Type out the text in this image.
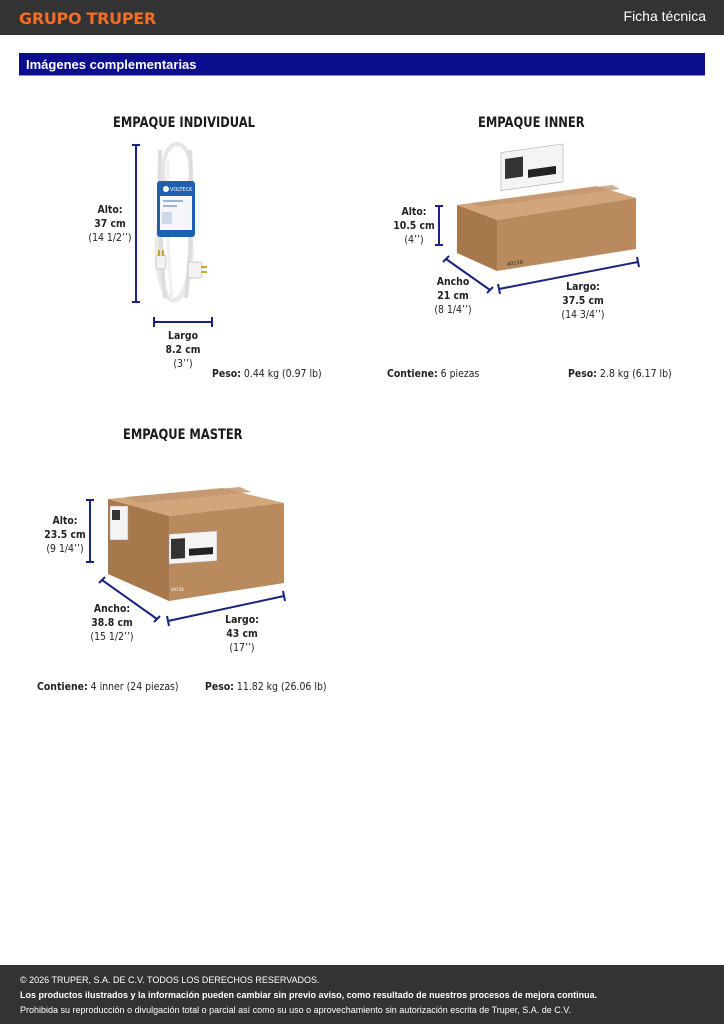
GRUPO TRUPER	Ficha técnica
Imágenes complementarias
EMPAQUE INDIVIDUAL	EMPAQUE INNER
EMPAQUE MASTER
VOLTECK
8m
40158
40158
Alto:
37 cm
(14 1/2’’)
Largo
8.2 cm
(3’’)
Peso: 0.44 kg (0.97 lb)
Alto:
10.5 cm
(4’’)
Ancho
21 cm
(8 1/4’’)
Largo:
37.5 cm
(14 3/4’’)
Contiene: 6 piezas	Peso: 2.8 kg (6.17 lb)
Alto:
23.5 cm
(9 1/4’’)
Ancho:
38.8 cm
(15 1/2’’)
Largo:
43 cm
(17’’)
Contiene: 4 inner (24 piezas) Peso: 11.82 kg (26.06 lb)
© 2026 TRUPER, S.A. DE C.V. TODOS LOS DERECHOS RESERVADOS.
Los productos ilustrados y la información pueden cambiar sin previo aviso, como resultado de nuestros procesos de mejora continua.
Prohibida su reproducción o divulgación total o parcial así como su uso o aprovechamiento sin autorización escrita de Truper, S.A. de C.V.
